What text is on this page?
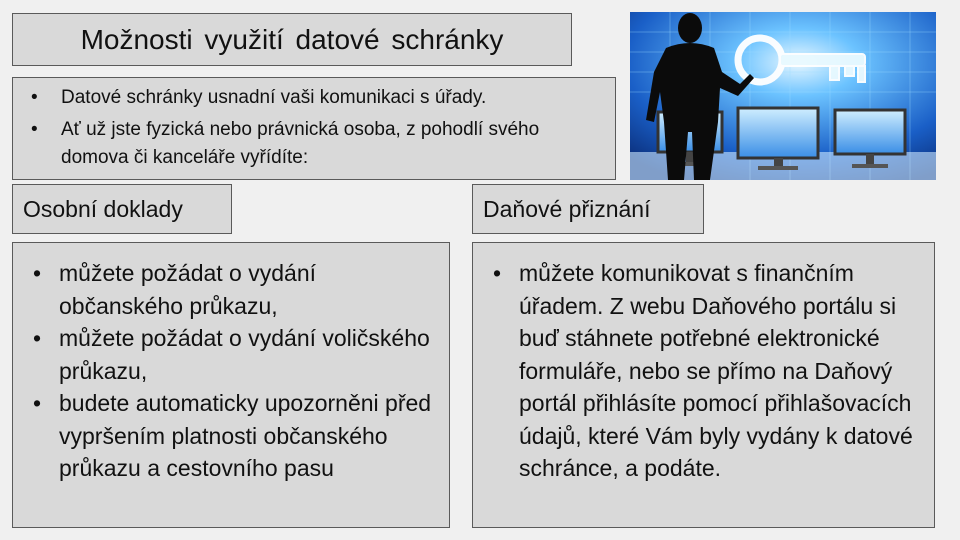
Možnosti využití datové schránky
• Datové schránky usnadní vaši komunikaci s úřady.
• Ať už jste fyzická nebo právnická osoba, z pohodlí svého domova či kanceláře vyřídíte:
Osobní doklady	Daňové přiznání
• můžete požádat o vydání občanského průkazu,
• můžete požádat o vydání voličského průkazu,
• budete automaticky upozorněni před vypršením platnosti občanského průkazu a cestovního pasu
• můžete komunikovat s finančním úřadem. Z webu Daňového portálu si buď stáhnete potřebné elektronické formuláře, nebo se přímo na Daňový portál přihlásíte pomocí přihlašovacích údajů, které Vám byly vydány k datové schránce, a podáte.
